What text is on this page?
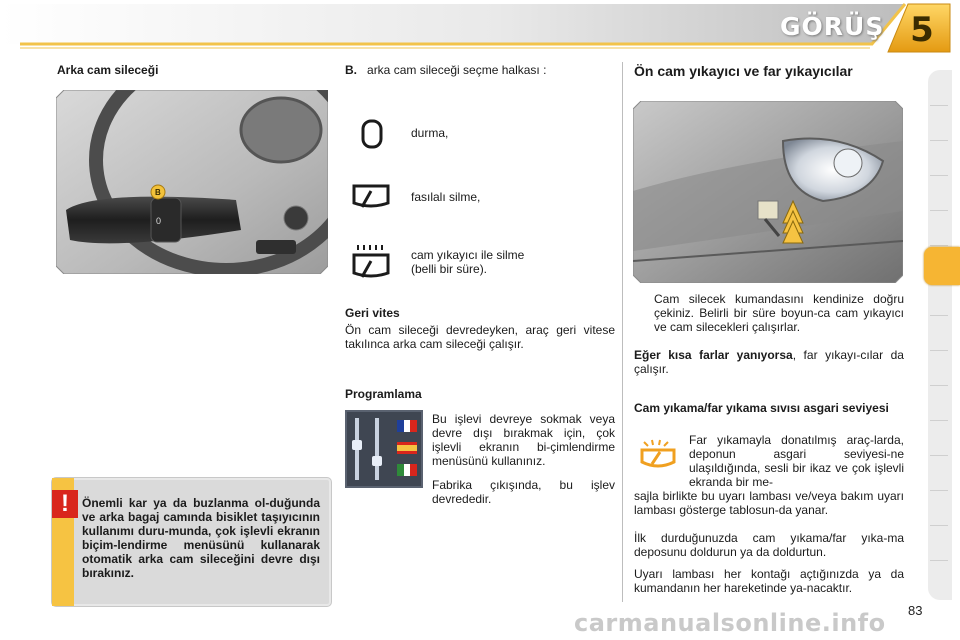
GÖRÜŞ 5
Arka cam sileceği
0
B
!	Önemli kar ya da buzlanma ol-duğunda ve arka bagaj camında bisiklet taşıyıcının kullanımı duru-munda, çok işlevli ekranın biçim-lendirme menüsünü kullanarak otomatik arka cam sileceğini devre dışı bırakınız.
B. arka cam sileceği seçme halkası :
durma,
fasılalı silme,
cam yıkayıcı ile silme
(belli bir süre).
Geri vites
Ön cam sileceği devredeyken, araç geri vitese takılınca arka cam sileceği çalışır.
Programlama
Bu işlevi devreye sokmak veya devre dışı bırakmak için, çok işlevli ekranın bi-çimlendirme menüsünü kullanınız.
Fabrika çıkışında, bu işlev devrededir.
Ön cam yıkayıcı ve far yıkayıcılar
Cam silecek kumandasını kendinize doğru çekiniz. Belirli bir süre boyun-ca cam yıkayıcı ve cam silecekleri çalışırlar.
Eğer kısa farlar yanıyorsa, far yıkayı-cılar da çalışır.
Cam yıkama/far yıkama sıvısı asgari seviyesi
Far yıkamayla donatılmış araç-larda, deponun asgari seviyesi-ne ulaşıldığında, sesli bir ikaz ve çok işlevli ekranda bir me-
sajla birlikte bu uyarı lambası ve/veya bakım uyarı lambası gösterge tablosun-da yanar.
İlk durduğunuzda cam yıkama/far yıka-ma deposunu doldurun ya da doldurtun.
Uyarı lambası her kontağı açtığınızda ya da kumandanın her hareketinde ya-nacaktır.
carmanualsonline.info 83
